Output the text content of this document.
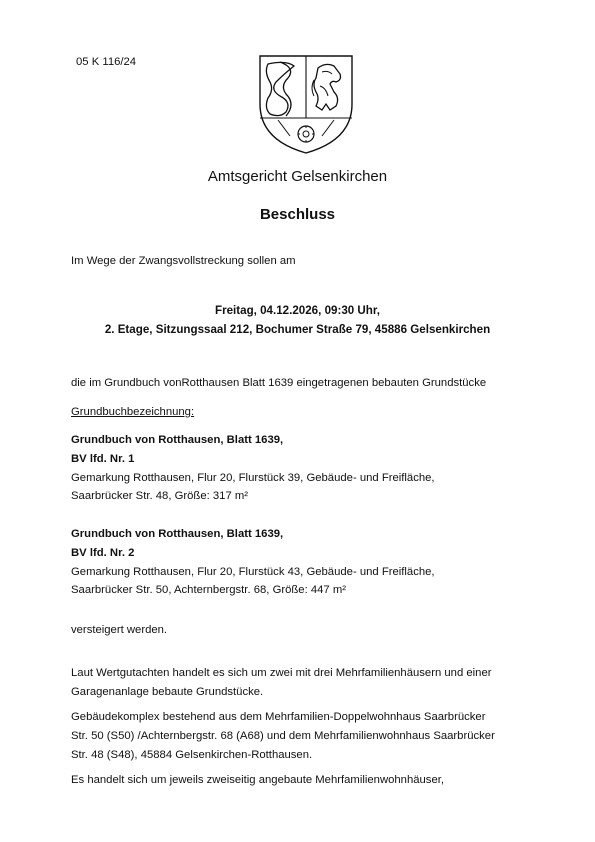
05 K 116/24
Amtsgericht Gelsenkirchen
Beschluss
Im Wege der Zwangsvollstreckung sollen am
Freitag, 04.12.2026, 09:30 Uhr,
2. Etage, Sitzungssaal 212, Bochumer Straße 79, 45886 Gelsenkirchen
die im Grundbuch vonRotthausen Blatt 1639 eingetragenen bebauten Grundstücke
Grundbuchbezeichnung:
Grundbuch von Rotthausen, Blatt 1639,
BV lfd. Nr. 1
Gemarkung Rotthausen, Flur 20, Flurstück 39, Gebäude- und Freifläche,
Saarbrücker Str. 48, Größe: 317 m²
Grundbuch von Rotthausen, Blatt 1639,
BV lfd. Nr. 2
Gemarkung Rotthausen, Flur 20, Flurstück 43, Gebäude- und Freifläche,
Saarbrücker Str. 50, Achternbergstr. 68, Größe: 447 m²
versteigert werden.
Laut Wertgutachten handelt es sich um zwei mit drei Mehrfamilienhäusern und einer
Garagenanlage bebaute Grundstücke.
Gebäudekomplex bestehend aus dem Mehrfamilien-Doppelwohnhaus Saarbrücker
Str. 50 (S50) /Achternbergstr. 68 (A68) und dem Mehrfamilienwohnhaus Saarbrücker
Str. 48 (S48), 45884 Gelsenkirchen-Rotthausen.
Es handelt sich um jeweils zweiseitig angebaute Mehrfamilienwohnhäuser,
